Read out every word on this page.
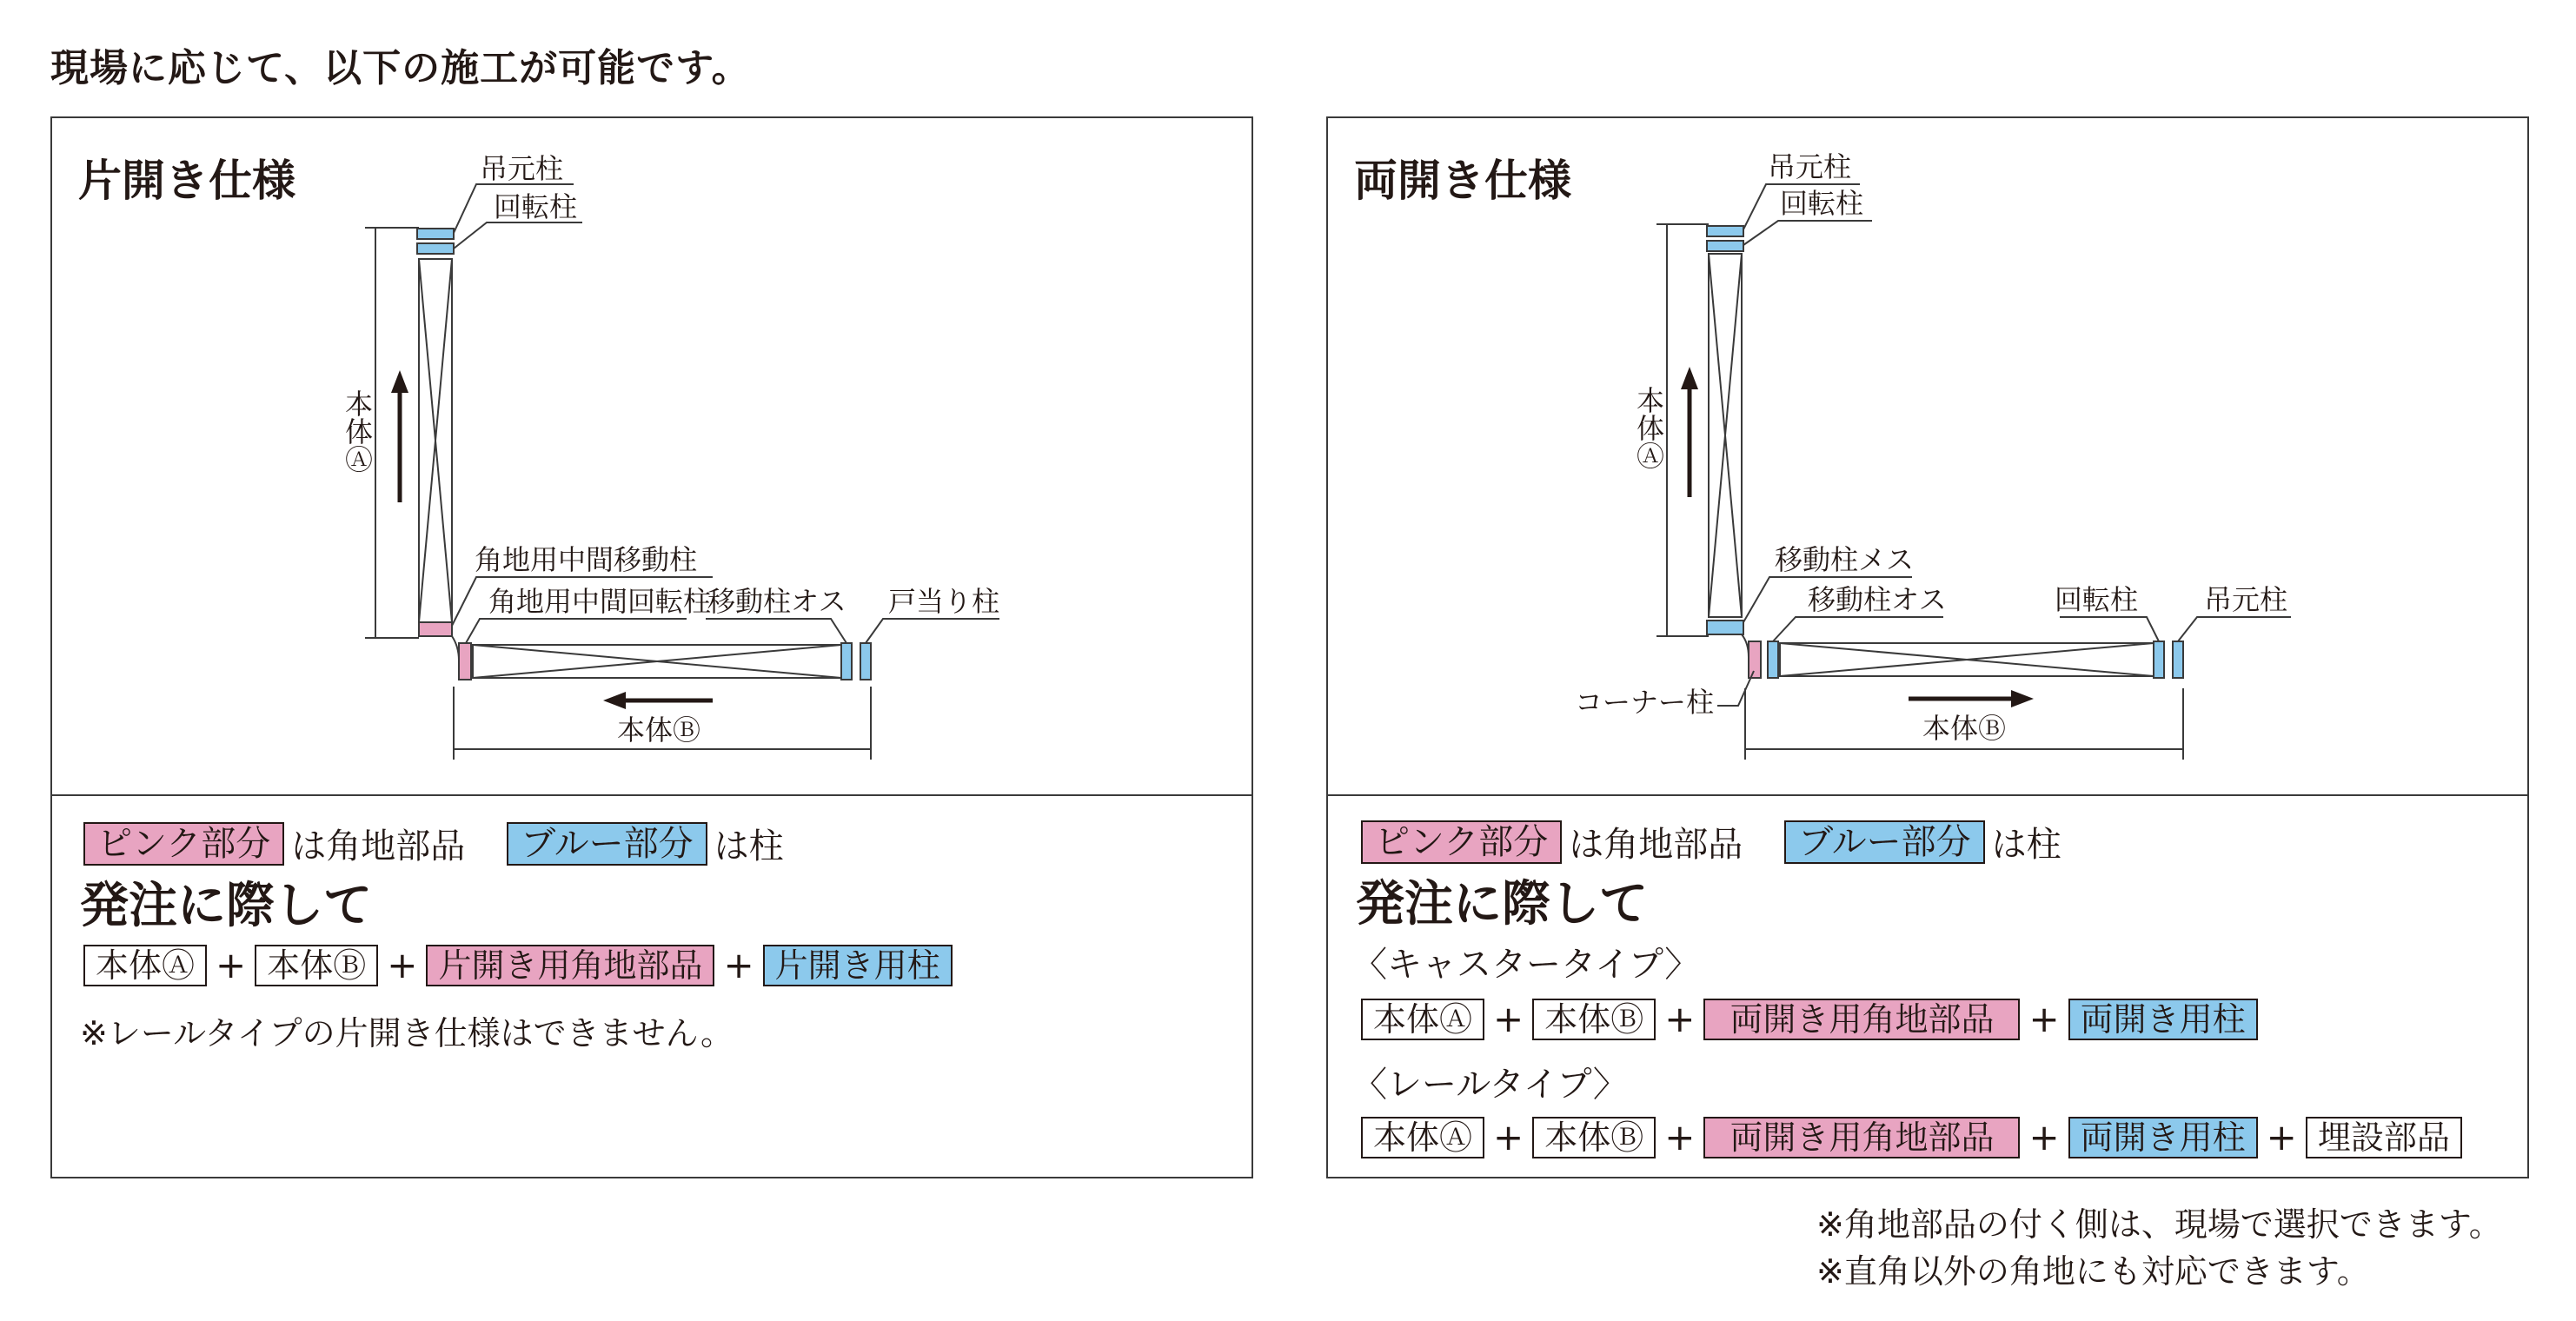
現場に応じて、以下の施工が可能です。
片開き仕様	吊元柱
回転柱
本体Ⓐ
角地用中間移動柱
角地用中間回転柱
移動柱オス 戸当り柱
本体Ⓑ
ピンク部分 は角地部品	ブルー部分 は柱
発注に際して
本体Ⓐ + 本体Ⓑ + 片開き用角地部品 + 片開き用柱
※レールタイプの片開き仕様はできません。
両開き仕様	吊元柱
回転柱
本体Ⓐ
移動柱メス
移動柱オス	回転柱 吊元柱
コーナー柱
本体Ⓑ
ピンク部分 は角地部品	ブルー部分 は柱
発注に際して
〈キャスタータイプ〉
本体Ⓐ + 本体Ⓑ +	両開き用角地部品 + 両開き用柱
〈レールタイプ〉
本体Ⓐ + 本体Ⓑ +	両開き用角地部品 + 両開き用柱 + 埋設部品
※角地部品の付く側は、現場で選択できます。
※直角以外の角地にも対応できます。
